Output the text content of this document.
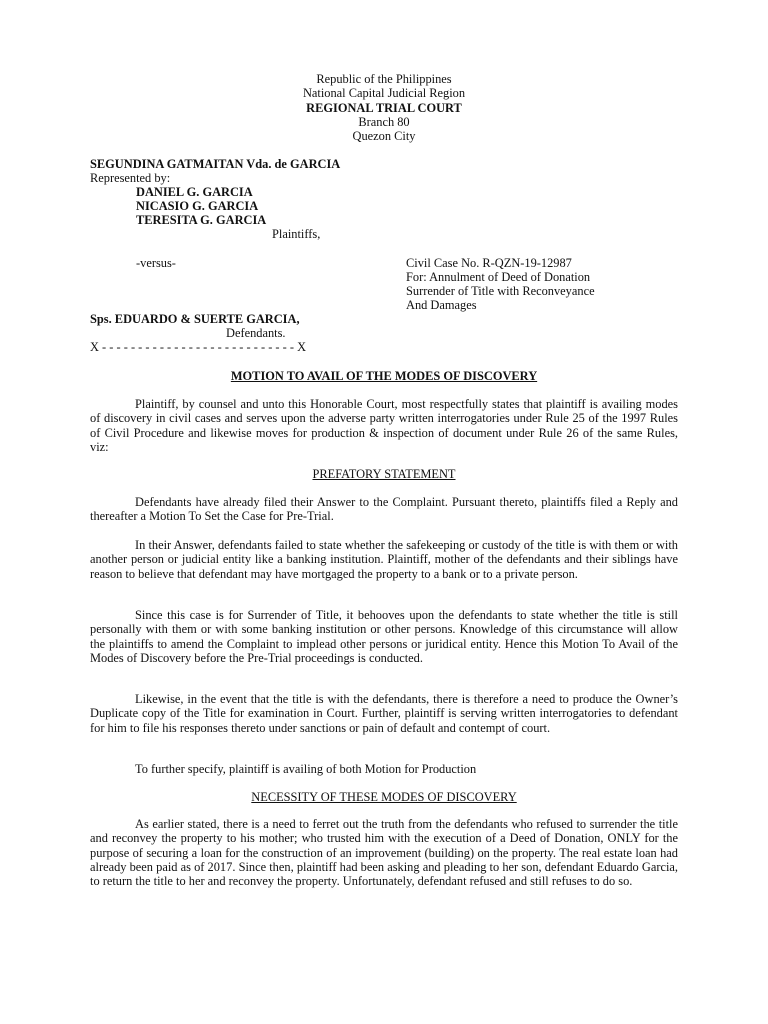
Republic of the Philippines
National Capital Judicial Region
REGIONAL TRIAL COURT
Branch 80
Quezon City
SEGUNDINA GATMAITAN Vda. de GARCIA
Represented by:
DANIEL G. GARCIA
NICASIO G. GARCIA
TERESITA G. GARCIA
Plaintiffs,
-versus-	Civil Case No. R-QZN-19-12987
For: Annulment of Deed of Donation
Surrender of Title with Reconveyance
And Damages
Sps. EDUARDO & SUERTE GARCIA,
Defendants.
X - - - - - - - - - - - - - - - - - - - - - - - - - - - X
MOTION TO AVAIL OF THE MODES OF DISCOVERY
Plaintiff, by counsel and unto this Honorable Court, most respectfully states that plaintiff is availing modes of discovery in civil cases and serves upon the adverse party written interrogatories under Rule 25 of the 1997 Rules of Civil Procedure and likewise moves for production & inspection of document under Rule 26 of the same Rules, viz:
PREFATORY STATEMENT
Defendants have already filed their Answer to the Complaint. Pursuant thereto, plaintiffs filed a Reply and thereafter a Motion To Set the Case for Pre-Trial.
In their Answer, defendants failed to state whether the safekeeping or custody of the title is with them or with another person or judicial entity like a banking institution. Plaintiff, mother of the defendants and their siblings have reason to believe that defendant may have mortgaged the property to a bank or to a private person.
Since this case is for Surrender of Title, it behooves upon the defendants to state whether the title is still personally with them or with some banking institution or other persons. Knowledge of this circumstance will allow the plaintiffs to amend the Complaint to implead other persons or juridical entity. Hence this Motion To Avail of the Modes of Discovery before the Pre-Trial proceedings is conducted.
Likewise, in the event that the title is with the defendants, there is therefore a need to produce the Owner’s Duplicate copy of the Title for examination in Court. Further, plaintiff is serving written interrogatories to defendant for him to file his responses thereto under sanctions or pain of default and contempt of court.
To further specify, plaintiff is availing of both Motion for Production
NECESSITY OF THESE MODES OF DISCOVERY
As earlier stated, there is a need to ferret out the truth from the defendants who refused to surrender the title and reconvey the property to his mother; who trusted him with the execution of a Deed of Donation, ONLY for the purpose of securing a loan for the construction of an improvement (building) on the property. The real estate loan had already been paid as of 2017. Since then, plaintiff had been asking and pleading to her son, defendant Eduardo Garcia, to return the title to her and reconvey the property. Unfortunately, defendant refused and still refuses to do so.
